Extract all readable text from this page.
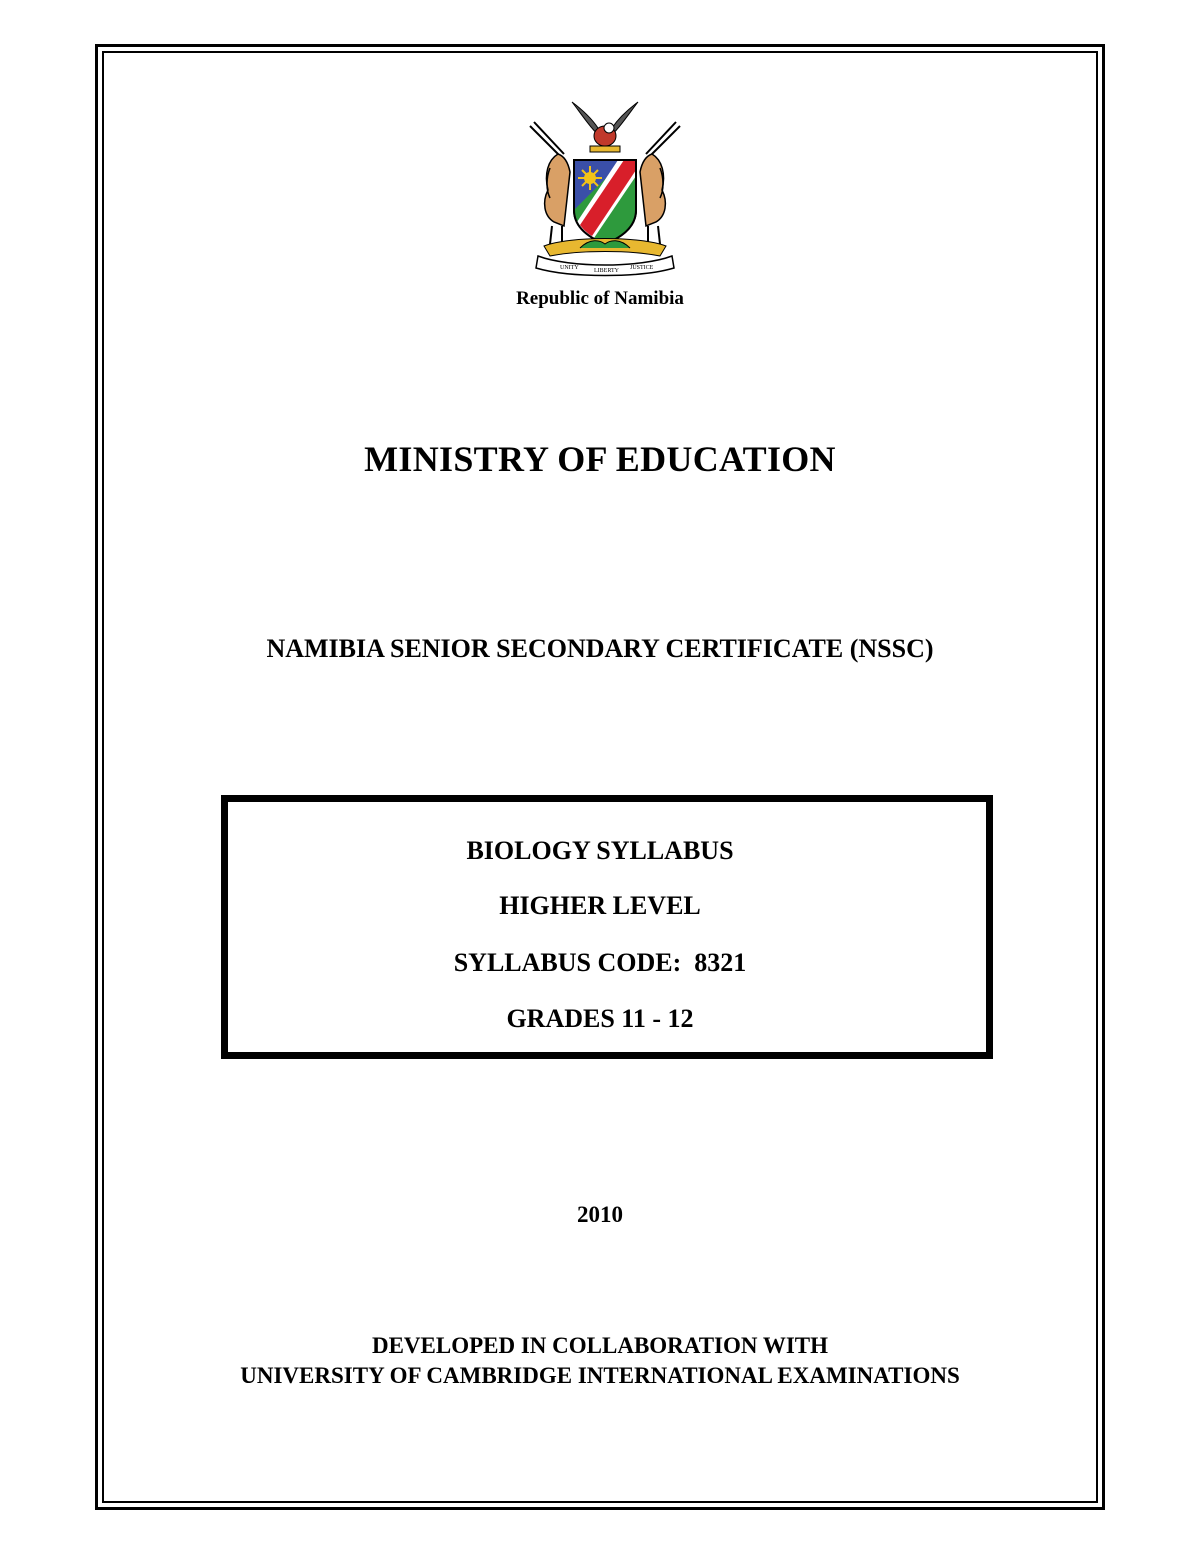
UNITY	LIBERTY JUSTICE
Republic of Namibia
MINISTRY OF EDUCATION
NAMIBIA SENIOR SECONDARY CERTIFICATE (NSSC)
BIOLOGY SYLLABUS
HIGHER LEVEL
SYLLABUS CODE:  8321
GRADES 11 - 12
2010
DEVELOPED IN COLLABORATION WITH
UNIVERSITY OF CAMBRIDGE INTERNATIONAL EXAMINATIONS
